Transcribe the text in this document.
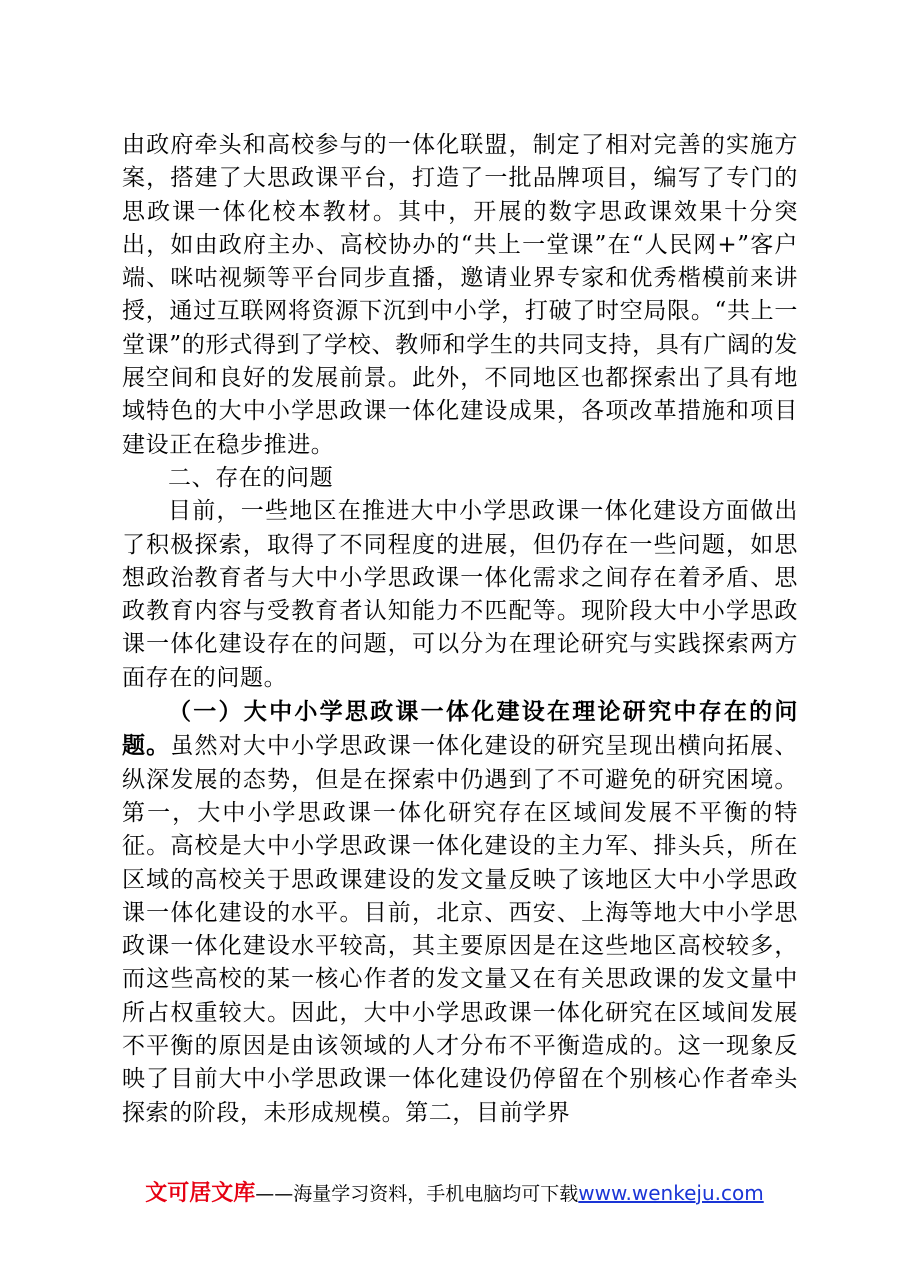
由政府牵头和高校参与的一体化联盟，制定了相对完善的实施方案，搭建了大思政课平台，打造了一批品牌项目，编写了专门的思政课一体化校本教材。其中，开展的数字思政课效果十分突出，如由政府主办、高校协办的“共上一堂课”在“人民网+”客户端、咪咕视频等平台同步直播，邀请业界专家和优秀楷模前来讲授，通过互联网将资源下沉到中小学，打破了时空局限。“共上一堂课”的形式得到了学校、教师和学生的共同支持，具有广阔的发展空间和良好的发展前景。此外，不同地区也都探索出了具有地域特色的大中小学思政课一体化建设成果，各项改革措施和项目建设正在稳步推进。

二、存在的问题

目前，一些地区在推进大中小学思政课一体化建设方面做出了积极探索，取得了不同程度的进展，但仍存在一些问题，如思想政治教育者与大中小学思政课一体化需求之间存在着矛盾、思政教育内容与受教育者认知能力不匹配等。现阶段大中小学思政课一体化建设存在的问题，可以分为在理论研究与实践探索两方面存在的问题。

（一）大中小学思政课一体化建设在理论研究中存在的问题。虽然对大中小学思政课一体化建设的研究呈现出横向拓展、纵深发展的态势，但是在探索中仍遇到了不可避免的研究困境。第一，大中小学思政课一体化研究存在区域间发展不平衡的特征。高校是大中小学思政课一体化建设的主力军、排头兵，所在区域的高校关于思政课建设的发文量反映了该地区大中小学思政课一体化建设的水平。目前，北京、西安、上海等地大中小学思政课一体化建设水平较高，其主要原因是在这些地区高校较多，而这些高校的某一核心作者的发文量又在有关思政课的发文量中所占权重较大。因此，大中小学思政课一体化研究在区域间发展不平衡的原因是由该领域的人才分布不平衡造成的。这一现象反映了目前大中小学思政课一体化建设仍停留在个别核心作者牵头探索的阶段，未形成规模。第二，目前学界

文可居文库——海量学习资料，手机电脑均可下载www.wenkeju.com
